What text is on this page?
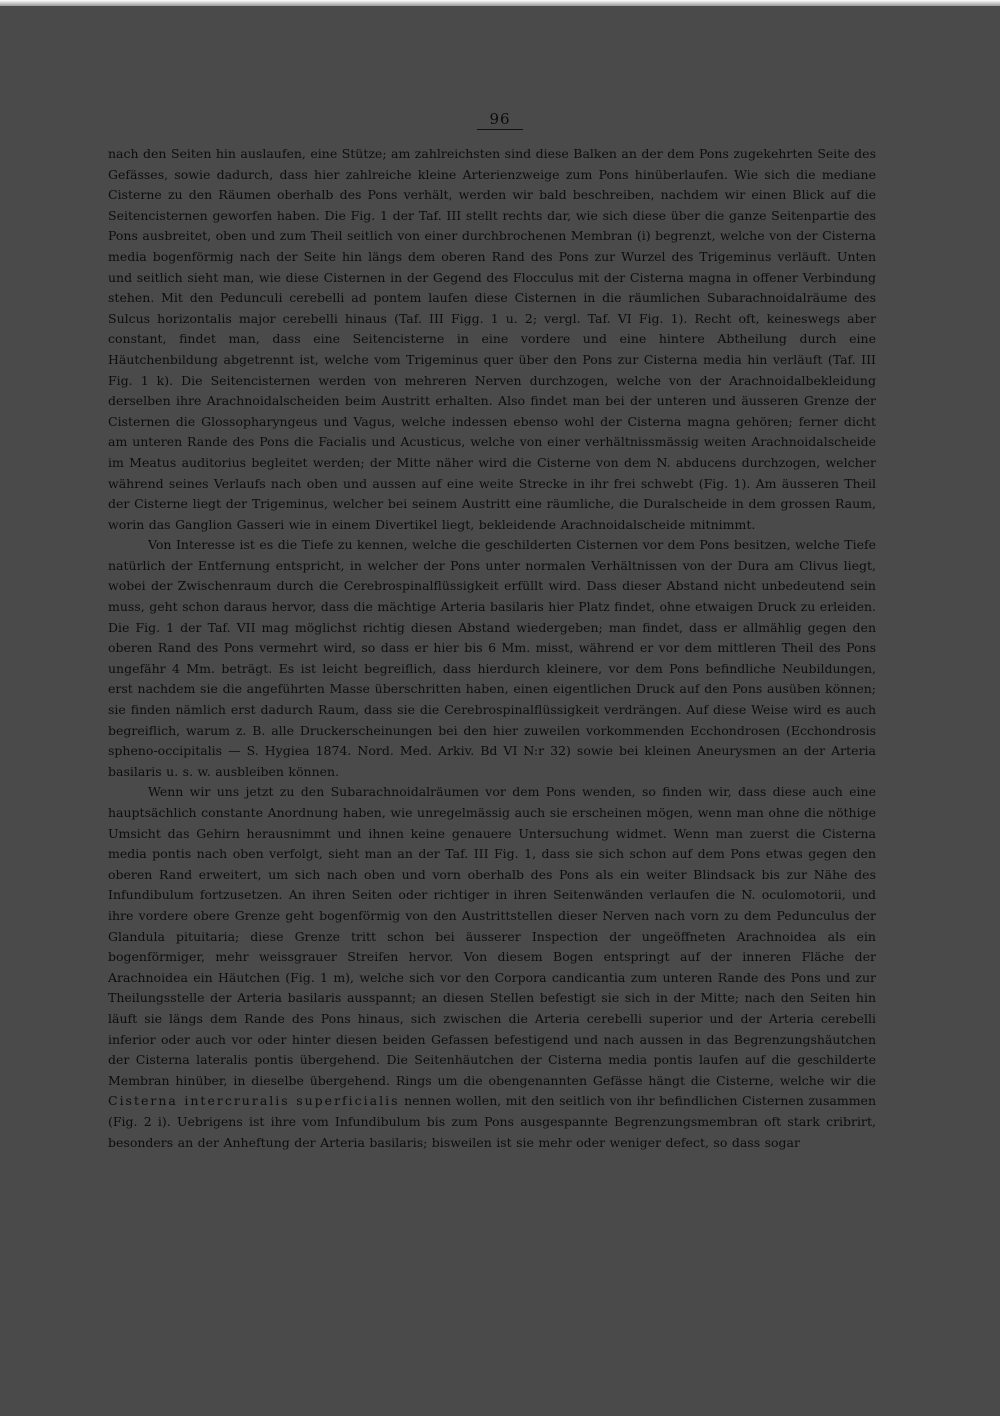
96

nach den Seiten hin auslaufen, eine Stütze; am zahlreichsten sind diese Balken an der dem Pons zugekehrten Seite des Gefässes, sowie dadurch, dass hier zahlreiche kleine Arterienzweige zum Pons hinüberlaufen. Wie sich die mediane Cisterne zu den Räumen oberhalb des Pons verhält, werden wir bald beschreiben, nachdem wir einen Blick auf die Seitencisternen geworfen haben. Die Fig. 1 der Taf. III stellt rechts dar, wie sich diese über die ganze Seitenpartie des Pons ausbreitet, oben und zum Theil seitlich von einer durchbrochenen Membran (i) begrenzt, welche von der Cisterna media bogenförmig nach der Seite hin längs dem oberen Rand des Pons zur Wurzel des Trigeminus verläuft. Unten und seitlich sieht man, wie diese Cisternen in der Gegend des Flocculus mit der Cisterna magna in offener Verbindung stehen. Mit den Pedunculi cerebelli ad pontem laufen diese Cisternen in die räumlichen Subarachnoidalräume des Sulcus horizontalis major cerebelli hinaus (Taf. III Figg. 1 u. 2; vergl. Taf. VI Fig. 1). Recht oft, keineswegs aber constant, findet man, dass eine Seitencisterne in eine vordere und eine hintere Abtheilung durch eine Häutchenbildung abgetrennt ist, welche vom Trigeminus quer über den Pons zur Cisterna media hin verläuft (Taf. III Fig. 1 k). Die Seitencisternen werden von mehreren Nerven durchzogen, welche von der Arachnoidalbekleidung derselben ihre Arachnoidalscheiden beim Austritt erhalten. Also findet man bei der unteren und äusseren Grenze der Cisternen die Glossopharyngeus und Vagus, welche indessen ebenso wohl der Cisterna magna gehören; ferner dicht am unteren Rande des Pons die Facialis und Acusticus, welche von einer verhältnissmässig weiten Arachnoidalscheide im Meatus auditorius begleitet werden; der Mitte näher wird die Cisterne von dem N. abducens durchzogen, welcher während seines Verlaufs nach oben und aussen auf eine weite Strecke in ihr frei schwebt (Fig. 1). Am äusseren Theil der Cisterne liegt der Trigeminus, welcher bei seinem Austritt eine räumliche, die Duralscheide in dem grossen Raum, worin das Ganglion Gasseri wie in einem Divertikel liegt, bekleidende Arachnoidalscheide mitnimmt.

Von Interesse ist es die Tiefe zu kennen, welche die geschilderten Cisternen vor dem Pons besitzen, welche Tiefe natürlich der Entfernung entspricht, in welcher der Pons unter normalen Verhältnissen von der Dura am Clivus liegt, wobei der Zwischenraum durch die Cerebrospinalflüssigkeit erfüllt wird. Dass dieser Abstand nicht unbedeutend sein muss, geht schon daraus hervor, dass die mächtige Arteria basilaris hier Platz findet, ohne etwaigen Druck zu erleiden. Die Fig. 1 der Taf. VII mag möglichst richtig diesen Abstand wiedergeben; man findet, dass er allmählig gegen den oberen Rand des Pons vermehrt wird, so dass er hier bis 6 Mm. misst, während er vor dem mittleren Theil des Pons ungefähr 4 Mm. beträgt. Es ist leicht begreiflich, dass hierdurch kleinere, vor dem Pons befindliche Neubildungen, erst nachdem sie die angeführten Masse überschritten haben, einen eigentlichen Druck auf den Pons ausüben können; sie finden nämlich erst dadurch Raum, dass sie die Cerebrospinalflüssigkeit verdrängen. Auf diese Weise wird es auch begreiflich, warum z. B. alle Druckerscheinungen bei den hier zuweilen vorkommenden Ecchondrosen (Ecchondrosis spheno-occipitalis — S. Hygiea 1874. Nord. Med. Arkiv. Bd VI N:r 32) sowie bei kleinen Aneurysmen an der Arteria basilaris u. s. w. ausbleiben können.

Wenn wir uns jetzt zu den Subarachnoidalräumen vor dem Pons wenden, so finden wir, dass diese auch eine hauptsächlich constante Anordnung haben, wie unregelmässig auch sie erscheinen mögen, wenn man ohne die nöthige Umsicht das Gehirn herausnimmt und ihnen keine genauere Untersuchung widmet. Wenn man zuerst die Cisterna media pontis nach oben verfolgt, sieht man an der Taf. III Fig. 1, dass sie sich schon auf dem Pons etwas gegen den oberen Rand erweitert, um sich nach oben und vorn oberhalb des Pons als ein weiter Blindsack bis zur Nähe des Infundibulum fortzusetzen. An ihren Seiten oder richtiger in ihren Seitenwänden verlaufen die N. oculomotorii, und ihre vordere obere Grenze geht bogenförmig von den Austrittstellen dieser Nerven nach vorn zu dem Pedunculus der Glandula pituitaria; diese Grenze tritt schon bei äusserer Inspection der ungeöffneten Arachnoidea als ein bogenförmiger, mehr weissgrauer Streifen hervor. Von diesem Bogen entspringt auf der inneren Fläche der Arachnoidea ein Häutchen (Fig. 1 m), welche sich vor den Corpora candicantia zum unteren Rande des Pons und zur Theilungsstelle der Arteria basilaris ausspannt; an diesen Stellen befestigt sie sich in der Mitte; nach den Seiten hin läuft sie längs dem Rande des Pons hinaus, sich zwischen die Arteria cerebelli superior und der Arteria cerebelli inferior oder auch vor oder hinter diesen beiden Gefassen befestigend und nach aussen in das Begrenzungshäutchen der Cisterna lateralis pontis übergehend. Die Seitenhäutchen der Cisterna media pontis laufen auf die geschilderte Membran hinüber, in dieselbe übergehend. Rings um die obengenannten Gefässe hängt die Cisterne, welche wir die Cisterna intercruralis superficialis nennen wollen, mit den seitlich von ihr befindlichen Cisternen zusammen (Fig. 2 i). Uebrigens ist ihre vom Infundibulum bis zum Pons ausgespannte Begrenzungsmembran oft stark cribrirt, besonders an der Anheftung der Arteria basilaris; bisweilen ist sie mehr oder weniger defect, so dass sogar
